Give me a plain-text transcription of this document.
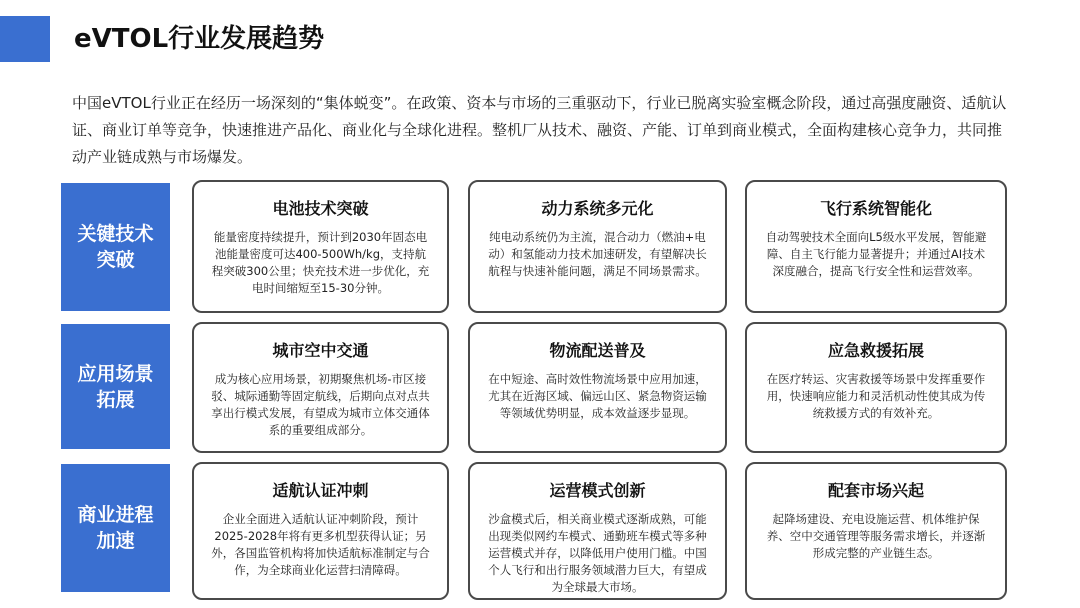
eVTOL行业发展趋势
中国eVTOL行业正在经历一场深刻的“集体蜕变”。在政策、资本与市场的三重驱动下，行业已脱离实验室概念阶段，通过高强度融资、适航认证、商业订单等竞争，快速推进产品化、商业化与全球化进程。整机厂从技术、融资、产能、订单到商业模式，全面构建核心竞争力，共同推动产业链成熟与市场爆发。
关键技术突破
电池技术突破
能量密度持续提升，预计到2030年固态电池能量密度可达400-500Wh/kg，支持航程突破300公里；快充技术进一步优化，充电时间缩短至15-30分钟。
动力系统多元化
纯电动系统仍为主流，混合动力（燃油+电动）和氢能动力技术加速研发，有望解决长航程与快速补能问题，满足不同场景需求。
飞行系统智能化
自动驾驶技术全面向L5级水平发展，智能避障、自主飞行能力显著提升；并通过AI技术深度融合，提高飞行安全性和运营效率。
应用场景拓展
城市空中交通
成为核心应用场景，初期聚焦机场-市区接驳、城际通勤等固定航线，后期向点对点共享出行模式发展，有望成为城市立体交通体系的重要组成部分。
物流配送普及
在中短途、高时效性物流场景中应用加速，尤其在近海区域、偏远山区、紧急物资运输等领域优势明显，成本效益逐步显现。
应急救援拓展
在医疗转运、灾害救援等场景中发挥重要作用，快速响应能力和灵活机动性使其成为传统救援方式的有效补充。
商业进程加速
适航认证冲刺
企业全面进入适航认证冲刺阶段，预计2025-2028年将有更多机型获得认证；另外，各国监管机构将加快适航标准制定与合作，为全球商业化运营扫清障碍。
运营模式创新
沙盒模式后，相关商业模式逐渐成熟，可能出现类似网约车模式、通勤班车模式等多种运营模式并存，以降低用户使用门槛。中国个人飞行和出行服务领域潜力巨大，有望成为全球最大市场。
配套市场兴起
起降场建设、充电设施运营、机体维护保养、空中交通管理等服务需求增长，并逐渐形成完整的产业链生态。
